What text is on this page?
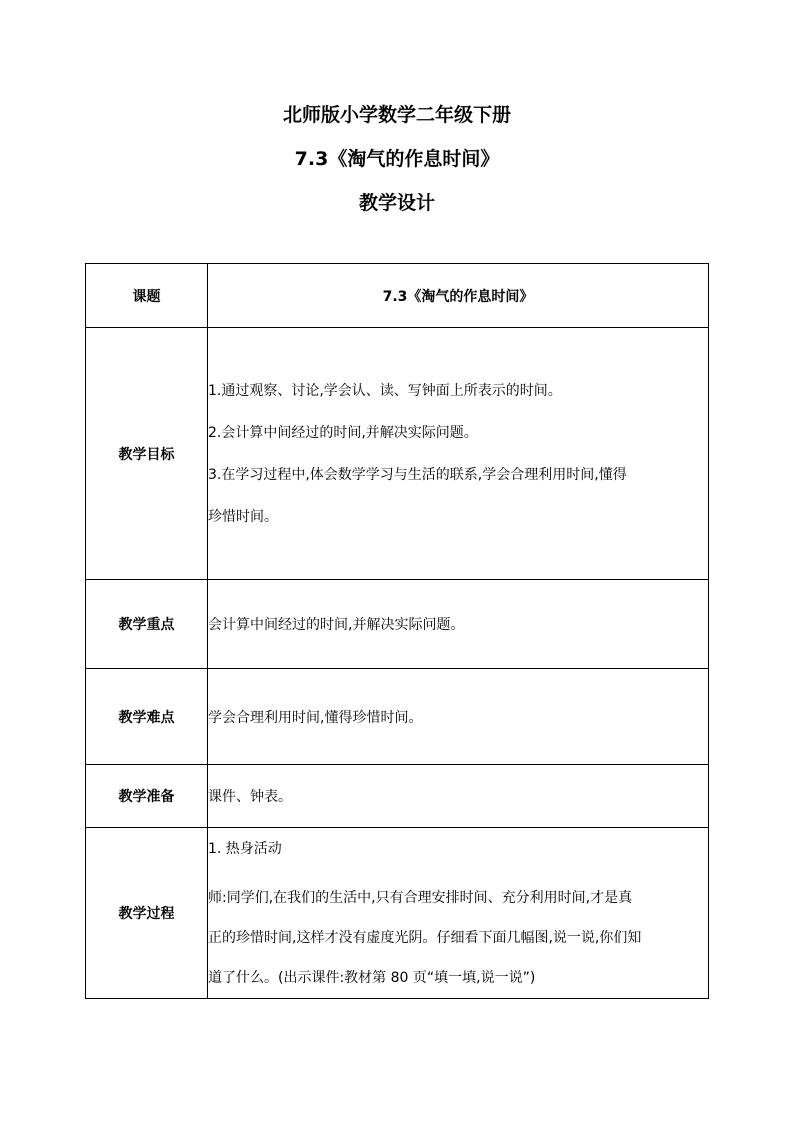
北师版小学数学二年级下册
7.3《淘气的作息时间》
教学设计
课题	7.3《淘气的作息时间》
教学目标	1.通过观察、讨论,学会认、读、写钟面上所表示的时间。
2.会计算中间经过的时间,并解决实际问题。
3.在学习过程中,体会数学学习与生活的联系,学会合理利用时间,懂得
珍惜时间。

教学重点	会计算中间经过的时间,并解决实际问题。
教学难点	学会合理利用时间,懂得珍惜时间。
教学准备	课件、钟表。
教学过程	1. 热身活动
师:同学们,在我们的生活中,只有合理安排时间、充分利用时间,才是真
正的珍惜时间,这样才没有虚度光阴。仔细看下面几幅图,说一说,你们知
道了什么。(出示课件:教材第 80 页“填一填,说一说”)
